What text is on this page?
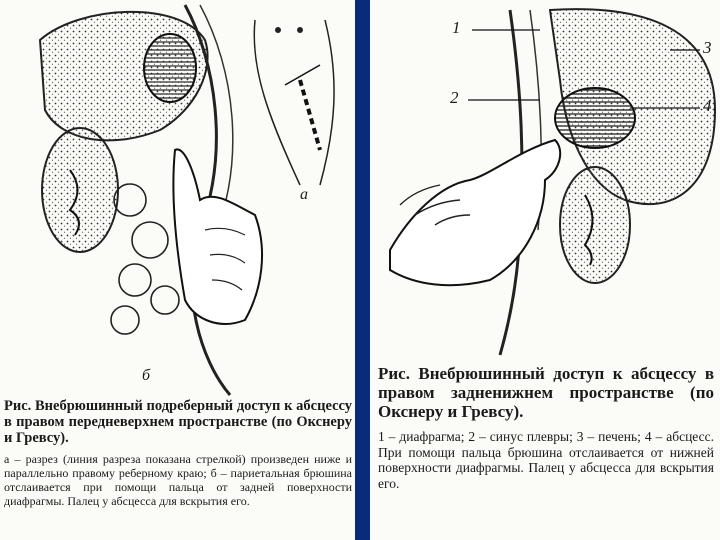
а
б
Рис. Внебрюшинный подреберный доступ к абсцессу в правом передневерхнем пространстве (по Окснеру и Гревсу).
а – разрез (линия разреза показана стрелкой) произведен ниже и параллельно правому реберному краю; б – париетальная брюшина отслаивается при помощи пальца от задней поверхности диафрагмы. Палец у абсцесса для вскрытия его.
1
2
3
4
Рис. Внебрюшинный доступ к абсцессу в правом задненижнем пространстве (по Окснеру и Гревсу).
1 – диафрагма; 2 – синус плевры; 3 – печень; 4 – абсцесс. При помощи пальца брюшина отслаивается от нижней поверхности диафрагмы. Палец у абсцесса для вскрытия его.
